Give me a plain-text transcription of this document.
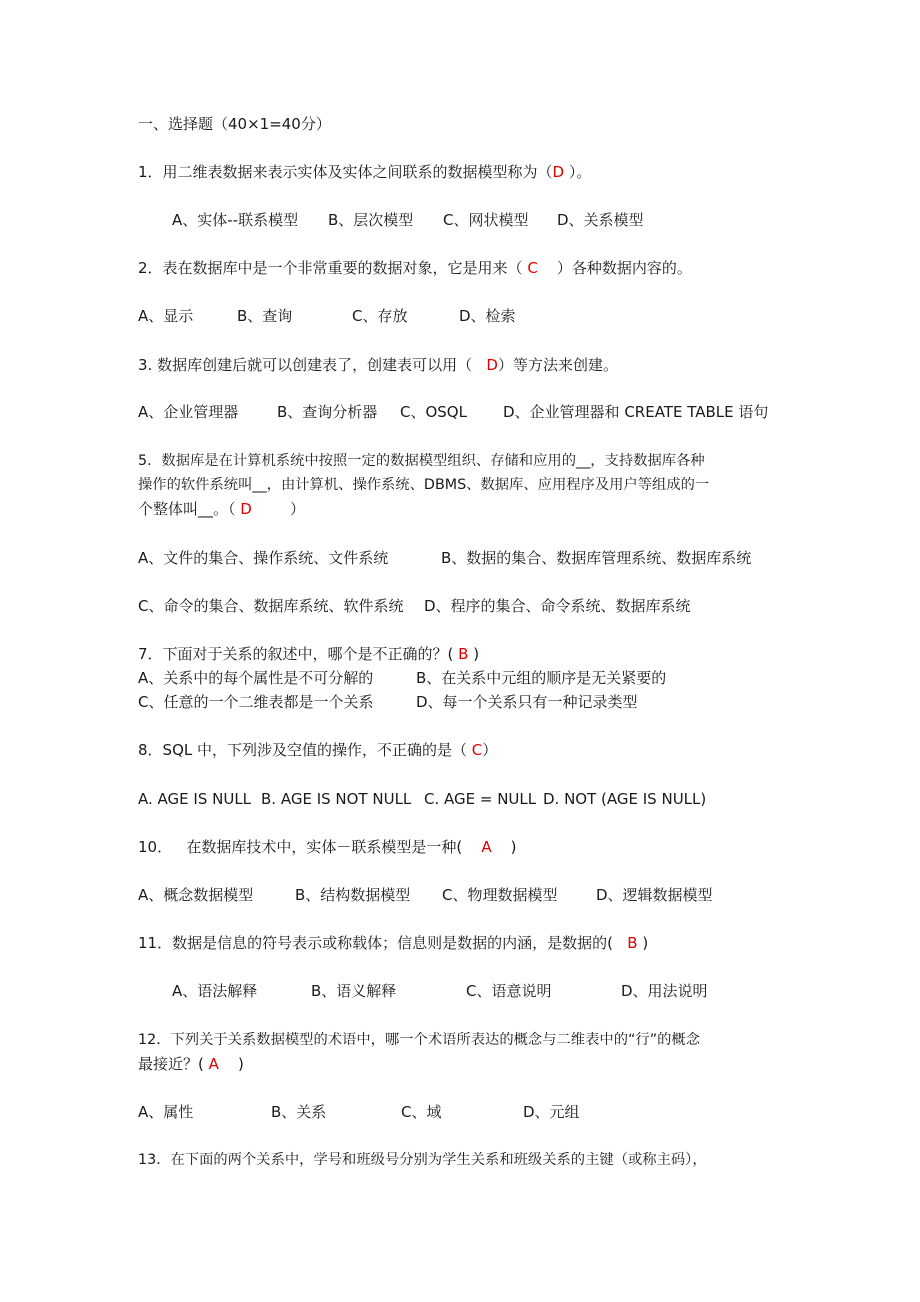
一、选择题（40×1=40分）
1．用二维表数据来表示实体及实体之间联系的数据模型称为（D ）。
A、实体--联系模型 B、层次模型 C、网状模型 D、关系模型
2．表在数据库中是一个非常重要的数据对象，它是用来（ C    ）各种数据内容的。
A、显示	B、查询	C、存放	D、检索
3. 数据库创建后就可以创建表了，创建表可以用（   D）等方法来创建。
A、企业管理器	B、查询分析器 C、OSQL D、企业管理器和 CREATE TABLE 语句
5．数据库是在计算机系统中按照一定的数据模型组织、存储和应用的__，支持数据库各种
操作的软件系统叫__，由计算机、操作系统、DBMS、数据库、应用程序及用户等组成的一
个整体叫__。（ D        ）
A、文件的集合、操作系统、文件系统	B、数据的集合、数据库管理系统、数据库系统
C、命令的集合、数据库系统、软件系统 D、程序的集合、命令系统、数据库系统
7．下面对于关系的叙述中，哪个是不正确的？( B )
A、关系中的每个属性是不可分解的	B、在关系中元组的顺序是无关紧要的
C、任意的一个二维表都是一个关系	D、每一个关系只有一种记录类型
8．SQL 中，下列涉及空值的操作，不正确的是（ C）
A. AGE IS NULL B. AGE IS NOT NULL C. AGE = NULL D. NOT (AGE IS NULL)
10．   在数据库技术中，实体－联系模型是一种(    A    )
A、概念数据模型	B、结构数据模型 C、物理数据模型	D、逻辑数据模型
11．数据是信息的符号表示或称载体；信息则是数据的内涵，是数据的(   B )
A、语法解释	B、语义解释	C、语意说明	D、用法说明
12．下列关于关系数据模型的术语中，哪一个术语所表达的概念与二维表中的“行”的概念
最接近？( A    )
A、属性	B、关系	C、域	D、元组
13．在下面的两个关系中，学号和班级号分别为学生关系和班级关系的主键（或称主码），
